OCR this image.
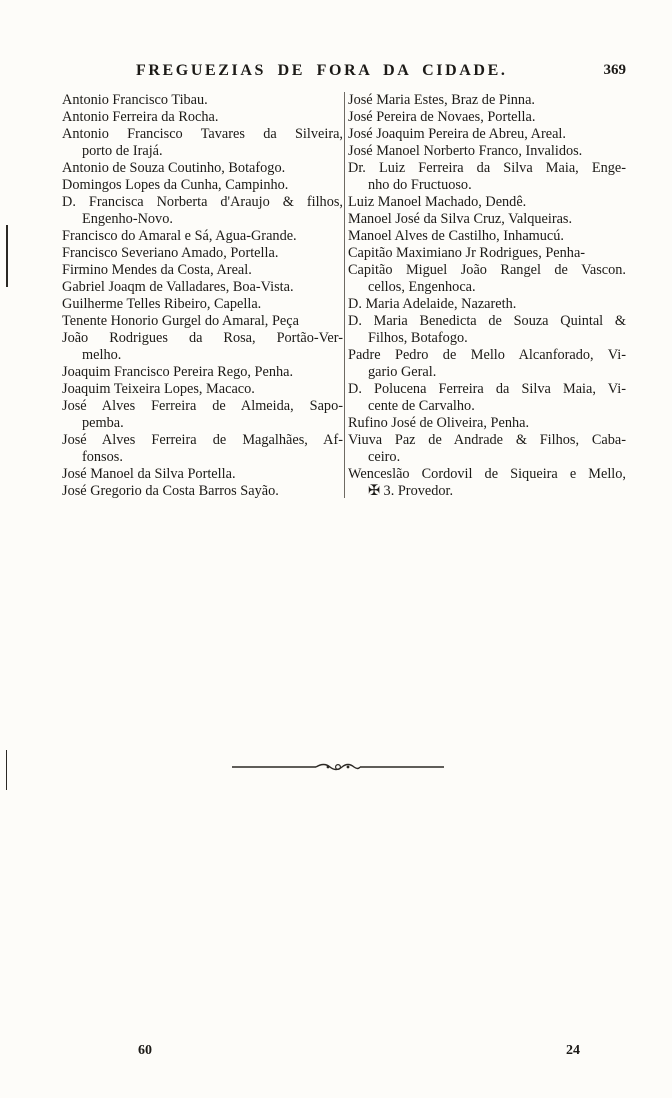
FREGUEZIAS DE FORA DA CIDADE.	369
Antonio Francisco Tibau.
Antonio Ferreira da Rocha.
Antonio Francisco Tavares da Silveira,
porto de Irajá.
Antonio de Souza Coutinho, Botafogo.
Domingos Lopes da Cunha, Campinho.
D. Francisca Norberta d'Araujo & filhos,
Engenho-Novo.
Francisco do Amaral e Sá, Agua-Grande.
Francisco Severiano Amado, Portella.
Firmino Mendes da Costa, Areal.
Gabriel Joaqm de Valladares, Boa-Vista.
Guilherme Telles Ribeiro, Capella.
Tenente Honorio Gurgel do Amaral, Peça
João Rodrigues da Rosa, Portão-Ver-
melho.
Joaquim Francisco Pereira Rego, Penha.
Joaquim Teixeira Lopes, Macaco.
José Alves Ferreira de Almeida, Sapo-
pemba.
José Alves Ferreira de Magalhães, Af-
fonsos.
José Manoel da Silva Portella.
José Gregorio da Costa Barros Sayão.
José Maria Estes, Braz de Pinna.
José Pereira de Novaes, Portella.
José Joaquim Pereira de Abreu, Areal.
José Manoel Norberto Franco, Invalidos.
Dr. Luiz Ferreira da Silva Maia, Enge-
nho do Fructuoso.
Luiz Manoel Machado, Dendê.
Manoel José da Silva Cruz, Valqueiras.
Manoel Alves de Castilho, Inhamucú.
Capitão Maximiano Jr Rodrigues, Penha-
Capitão Miguel João Rangel de Vascon.
cellos, Engenhoca.
D. Maria Adelaide, Nazareth.
D. Maria Benedicta de Souza Quintal &
Filhos, Botafogo.
Padre Pedro de Mello Alcanforado, Vi-
gario Geral.
D. Polucena Ferreira da Silva Maia, Vi-
cente de Carvalho.
Rufino José de Oliveira, Penha.
Viuva Paz de Andrade & Filhos, Caba-
ceiro.
Wenceslão Cordovil de Siqueira e Mello,
✠ 3. Provedor.
60	24
